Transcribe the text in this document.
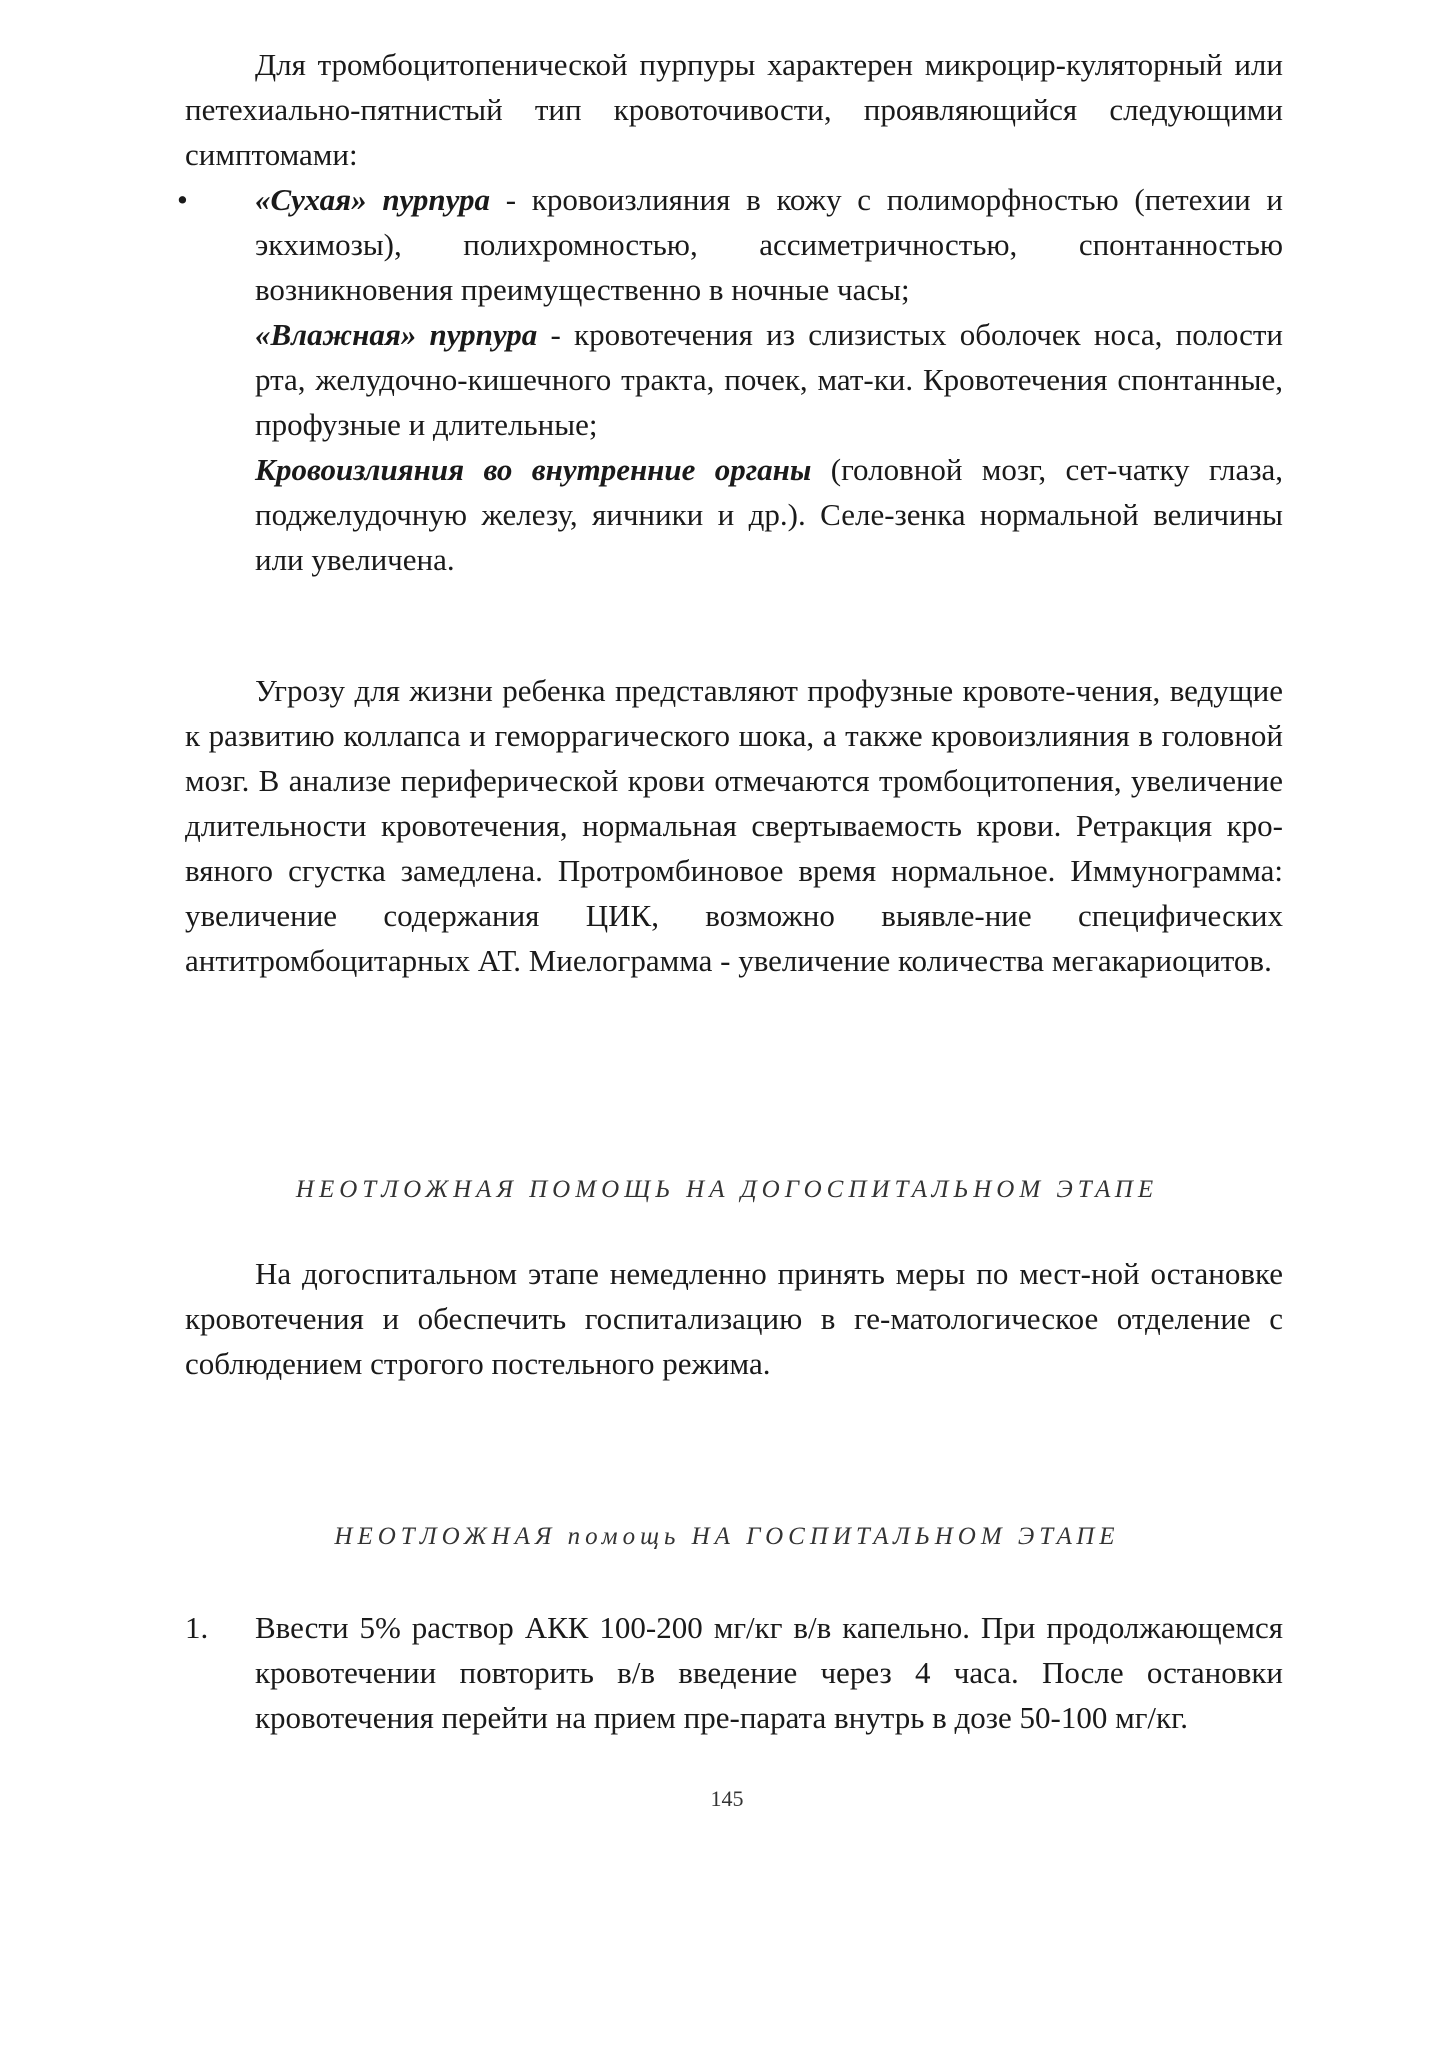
Для тромбоцитопенической пурпуры характерен микроцир-куляторный или петехиально-пятнистый тип кровоточивости, проявляющийся следующими симптомами:

• «Сухая» пурпура - кровоизлияния в кожу с полиморфностью (петехии и экхимозы), полихромностью, ассиметричностью, спонтанностью возникновения преимущественно в ночные часы;
«Влажная» пурпура - кровотечения из слизистых оболочек носа, полости рта, желудочно-кишечного тракта, почек, мат-ки. Кровотечения спонтанные, профузные и длительные;
Кровоизлияния во внутренние органы (головной мозг, сет-чатку глаза, поджелудочную железу, яичники и др.). Селе-зенка нормальной величины или увеличена.

Угрозу для жизни ребенка представляют профузные кровоте-чения, ведущие к развитию коллапса и геморрагического шока, а также кровоизлияния в головной мозг. В анализе периферической крови отмечаются тромбоцитопения, увеличение длительности кровотечения, нормальная свертываемость крови. Ретракция кро-вяного сгустка замедлена. Протромбиновое время нормальное. Иммунограмма: увеличение содержания ЦИК, возможно выявле-ние специфических антитромбоцитарных АТ. Миелограмма - увеличение количества мегакариоцитов.

НЕОТЛОЖНАЯ ПОМОЩЬ НА ДОГОСПИТАЛЬНОМ ЭТАПЕ

На догоспитальном этапе немедленно принять меры по мест-ной остановке кровотечения и обеспечить госпитализацию в ге-матологическое отделение с соблюдением строгого постельного режима.

НЕОТЛОЖНАЯ помощь НА ГОСПИТАЛЬНОМ ЭТАПЕ
1. Ввести 5% раствор АКК 100-200 мг/кг в/в капельно. При продолжающемся кровотечении повторить в/в введение через 4 часа. После остановки кровотечения перейти на прием пре-парата внутрь в дозе 50-100 мг/кг.
145
